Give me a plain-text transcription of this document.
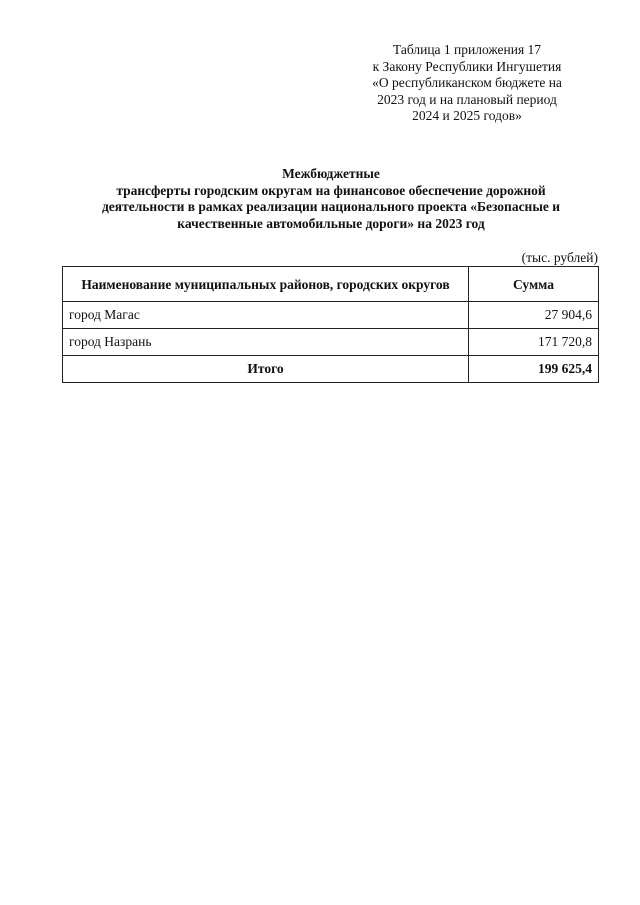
Таблица 1 приложения 17
к Закону Республики Ингушетия
«О республиканском бюджете на
2023 год и на плановый период
2024 и 2025 годов»
Межбюджетные
трансферты городским округам на финансовое обеспечение дорожной
деятельности в рамках реализации национального проекта «Безопасные и
качественные автомобильные дороги» на 2023 год
(тыс. рублей)
Наименование муниципальных районов, городских округов	Сумма
город Магас	27 904,6
город Назрань	171 720,8
Итого	199 625,4
